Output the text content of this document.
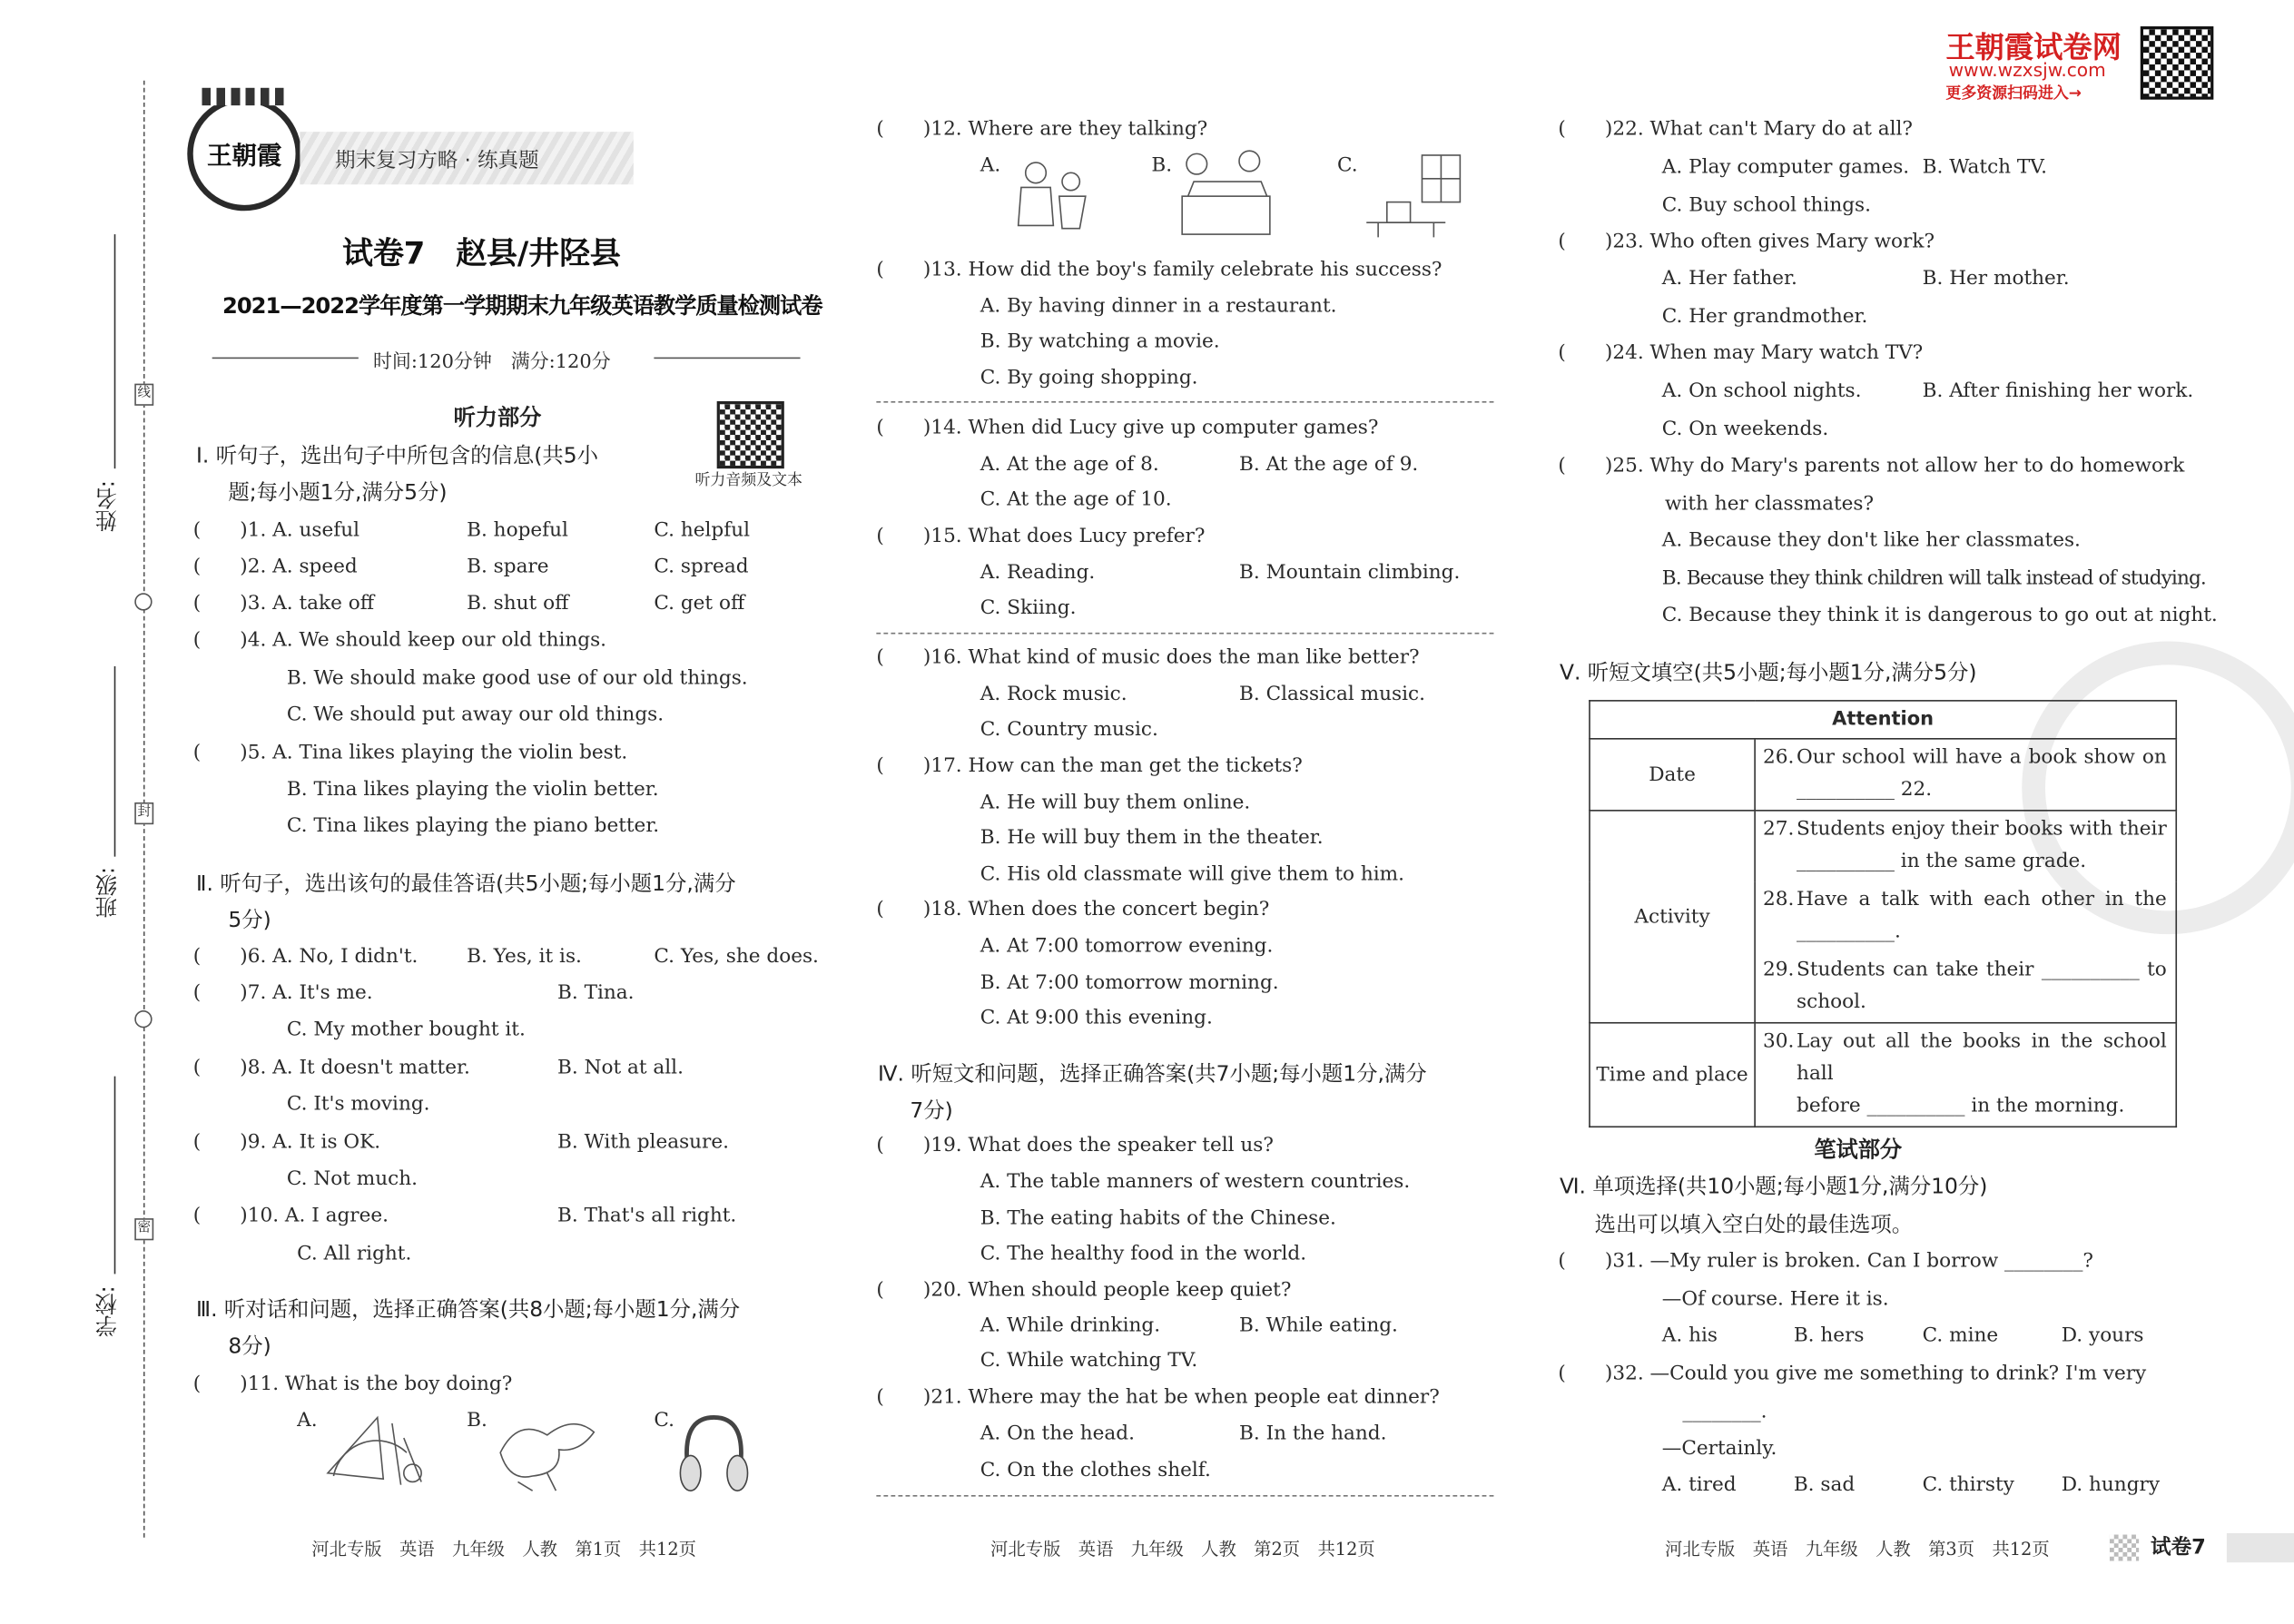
线
封
密
姓名:
班级:
学校:
王朝霞	期末复习方略 · 练真题
试卷7　赵县/井陉县
2021—2022学年度第一学期期末九年级英语教学质量检测试卷
时间:120分钟　满分:120分
听力音频及文本
听力部分
Ⅰ. 听句子，选出句子中所包含的信息(共5小
题;每小题1分,满分5分)
(　　)1. A. useful	B. hopeful	C. helpful
(　　)2. A. speed	B. spare	C. spread
(　　)3. A. take off	B. shut off	C. get off
(　　)4. A. We should keep our old things.
B. We should make good use of our old things.
C. We should put away our old things.
(　　)5. A. Tina likes playing the violin best.
B. Tina likes playing the violin better.
C. Tina likes playing the piano better.
Ⅱ. 听句子，选出该句的最佳答语(共5小题;每小题1分,满分
5分)
(　　)6. A. No, I didn't.	B. Yes, it is.	C. Yes, she does.
(　　)7. A. It's me.	B. Tina.
C. My mother bought it.
(　　)8. A. It doesn't matter.	B. Not at all.
C. It's moving.
(　　)9. A. It is OK.	B. With pleasure.
C. Not much.
(　　)10. A. I agree.	B. That's all right.
C. All right.
Ⅲ. 听对话和问题，选择正确答案(共8小题;每小题1分,满分
8分)
(　　)11. What is the boy doing?
A.	B.	C.
河北专版　英语　九年级　人教　第1页　共12页
(　　)12. Where are they talking?
A.	B.	C.
(　　)13. How did the boy's family celebrate his success?
A. By having dinner in a restaurant.
B. By watching a movie.
C. By going shopping.
(　　)14. When did Lucy give up computer games?
A. At the age of 8.	B. At the age of 9.
C. At the age of 10.
(　　)15. What does Lucy prefer?
A. Reading.	B. Mountain climbing.
C. Skiing.
(　　)16. What kind of music does the man like better?
A. Rock music.	B. Classical music.
C. Country music.
(　　)17. How can the man get the tickets?
A. He will buy them online.
B. He will buy them in the theater.
C. His old classmate will give them to him.
(　　)18. When does the concert begin?
A. At 7:00 tomorrow evening.
B. At 7:00 tomorrow morning.
C. At 9:00 this evening.
Ⅳ. 听短文和问题，选择正确答案(共7小题;每小题1分,满分
7分)
(　　)19. What does the speaker tell us?
A. The table manners of western countries.
B. The eating habits of the Chinese.
C. The healthy food in the world.
(　　)20. When should people keep quiet?
A. While drinking.	B. While eating.
C. While watching TV.
(　　)21. Where may the hat be when people eat dinner?
A. On the head.	B. In the hand.
C. On the clothes shelf.
河北专版　英语　九年级　人教　第2页　共12页
王朝霞试卷网
www.wzxsjw.com
更多资源扫码进入→
(　　)22. What can't Mary do at all?
A. Play computer games. B. Watch TV.
C. Buy school things.
(　　)23. Who often gives Mary work?
A. Her father.	B. Her mother.
C. Her grandmother.
(　　)24. When may Mary watch TV?
A. On school nights.	B. After finishing her work.
C. On weekends.
(　　)25. Why do Mary's parents not allow her to do homework
with her classmates?
A. Because they don't like her classmates.
B. Because they think children will talk instead of studying.
C. Because they think it is dangerous to go out at night.
Ⅴ. 听短文填空(共5小题;每小题1分,满分5分)
Attention	
Date	26. Our school will have a book show on
__________ 22.

Activity	27. Students enjoy their books with their
__________ in the same grade.

	28. Have a talk with each other in the
__________.

	29. Students can take their __________ to
school.

Time and place	30. Lay out all the books in the school hall
before __________ in the morning.
笔试部分
Ⅵ. 单项选择(共10小题;每小题1分,满分10分)
选出可以填入空白处的最佳选项。
(　　)31. —My ruler is broken. Can I borrow ________?
—Of course. Here it is.
A. his	B. hers	C. mine	D. yours
(　　)32. —Could you give me something to drink? I'm very
________.
—Certainly.
A. tired	B. sad	C. thirsty	D. hungry
河北专版　英语　九年级　人教　第3页　共12页	试卷7
